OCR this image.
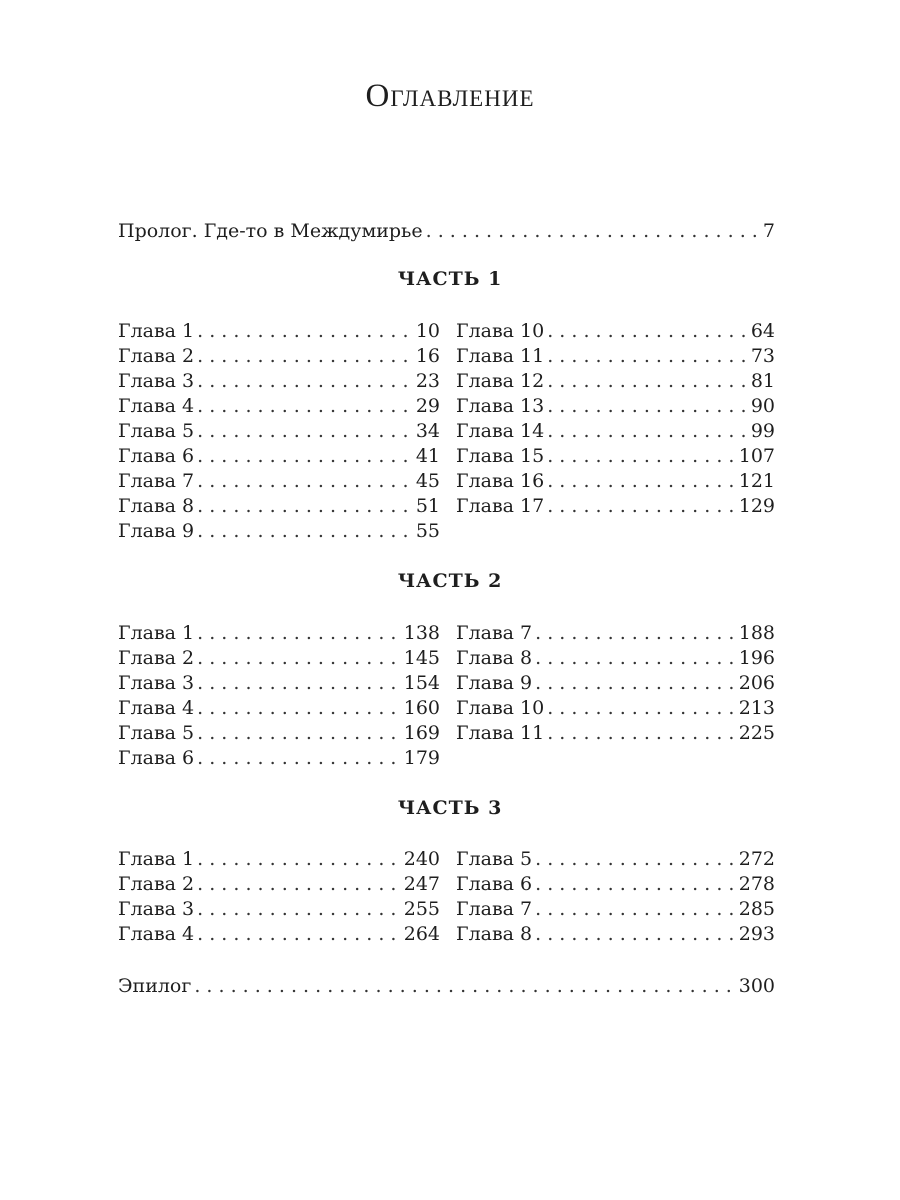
Оглавление
Пролог. Где-то в Междумирье . . .	7
ЧАСТЬ 1
Глава 1 . . .	10
Глава 2 . . .	16
Глава 3 . . .	23
Глава 4 . . .	29
Глава 5 . . .	34
Глава 6 . . .	41
Глава 7 . . .	45
Глава 8 . . .	51
Глава 9 . . .	55
Глава 10 . . .	64
Глава 11 . . .	73
Глава 12 . . .	81
Глава 13 . . .	90
Глава 14 . . .	99
Глава 15 . . .	107
Глава 16 . . .	121
Глава 17 . . .	129
ЧАСТЬ 2
Глава 1 . . .	138
Глава 2 . . .	145
Глава 3 . . .	154
Глава 4 . . .	160
Глава 5 . . .	169
Глава 6 . . .	179
Глава 7 . . .	188
Глава 8 . . .	196
Глава 9 . . .	206
Глава 10 . . .	213
Глава 11 . . .	225
ЧАСТЬ 3
Глава 1 . . .	240
Глава 2 . . .	247
Глава 3 . . .	255
Глава 4 . . .	264
Глава 5 . . .	272
Глава 6 . . .	278
Глава 7 . . .	285
Глава 8 . . .	293
Эпилог . . .	300
